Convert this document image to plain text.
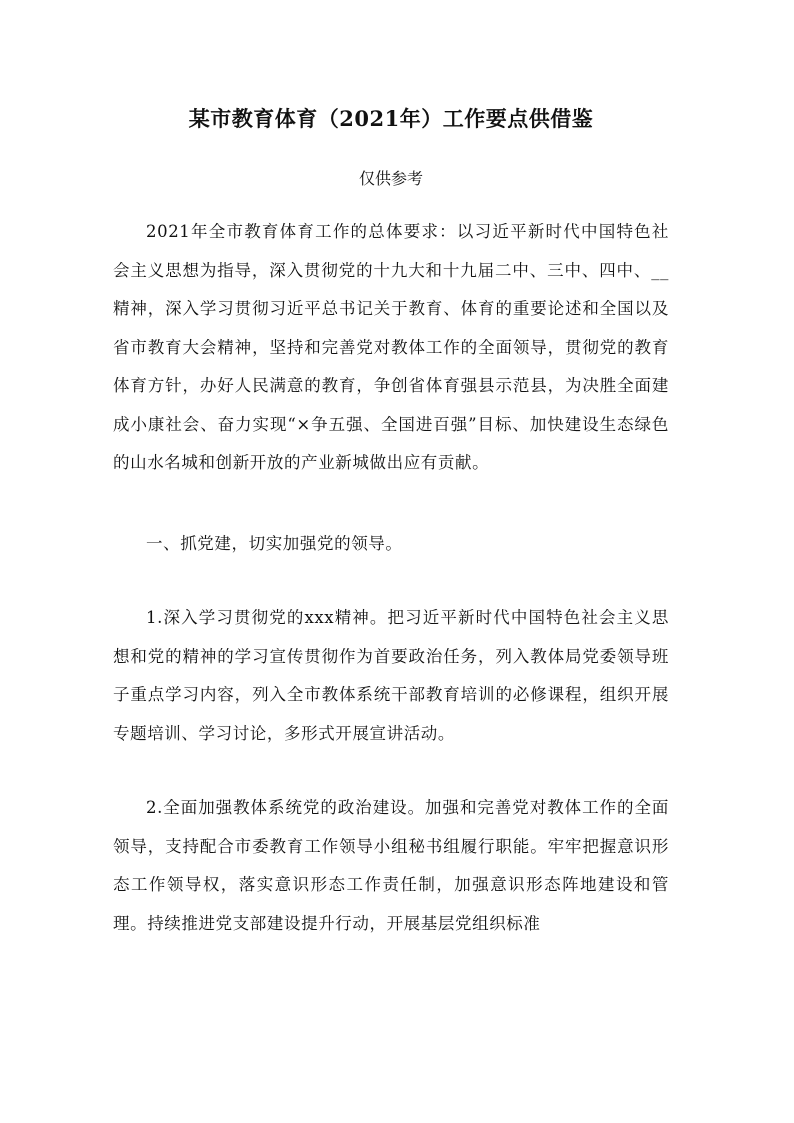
某市教育体育（2021年）工作要点供借鉴
仅供参考

2021年全市教育体育工作的总体要求：以习近平新时代中国特色社会主义思想为指导，深入贯彻党的十九大和十九届二中、三中、四中、__精神，深入学习贯彻习近平总书记关于教育、体育的重要论述和全国以及省市教育大会精神，坚持和完善党对教体工作的全面领导，贯彻党的教育体育方针，办好人民满意的教育，争创省体育强县示范县，为决胜全面建成小康社会、奋力实现“×争五强、全国进百强”目标、加快建设生态绿色的山水名城和创新开放的产业新城做出应有贡献。

一、抓党建，切实加强党的领导。

1.深入学习贯彻党的xxx精神。把习近平新时代中国特色社会主义思想和党的精神的学习宣传贯彻作为首要政治任务，列入教体局党委领导班子重点学习内容，列入全市教体系统干部教育培训的必修课程，组织开展专题培训、学习讨论，多形式开展宣讲活动。

2.全面加强教体系统党的政治建设。加强和完善党对教体工作的全面领导，支持配合市委教育工作领导小组秘书组履行职能。牢牢把握意识形态工作领导权，落实意识形态工作责任制，加强意识形态阵地建设和管理。持续推进党支部建设提升行动，开展基层党组织标准
